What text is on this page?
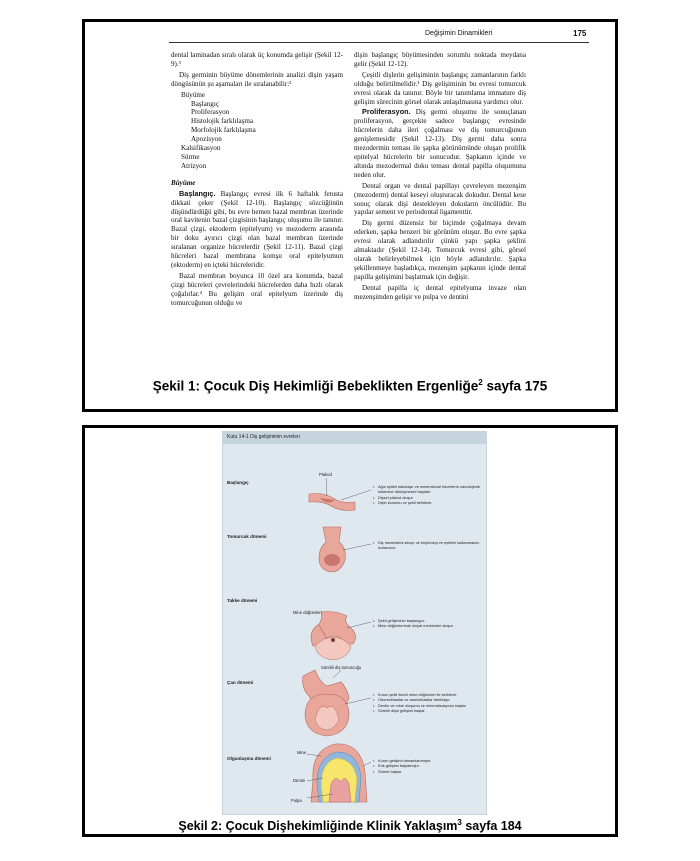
Değişimin Dinamikleri	175

dental laminadan sıralı olarak üç konumda gelişir (Şekil 12-9).³

Diş germinin büyüme dönemlerinin analizi dişin yaşam döngüsünün şu aşamaları ile sıralanabilir:³

Büyüme
Başlangıç
Proliferasyon
Histolojik farklılaşma
Morfolojik farklılaşma
Apozisyon
Kalsifikasyon
Sürme
Atrizyon
Büyüme

Başlangıç. Başlangıç evresi ilk 6 haftalık fetusta dikkati çeker (Şekil 12-10). Başlangıç sözcüğünün düşündürdüğü gibi, bu evre hemen bazal membran üzerinde oral kavitenin bazal çizgisinin başlangıç oluşumu ile tanınır. Bazal çizgi, ektoderm (epitelyum) ve mezoderm arasında bir doku ayırıcı çizgi olan bazal membran üzerinde sıralanan organize hücrelerdir (Şekil 12-11). Bazal çizgi hücreleri bazal membrana komşu oral epitelyumun (ektoderm) en içteki hücreleridir.

Bazal membran boyunca 10 özel ara konumda, bazal çizgi hücreleri çevrelerindeki hücrelerden daha hızlı olarak çoğalırlar.⁴ Bu gelişim oral epitelyum üzerinde diş tomurcuğunun olduğu ve

dişin başlangıç büyümesinden sorumlu noktada meydana gelir (Şekil 12-12).

Çeşitli dişlerin gelişiminin başlangıç zamanlarının farklı olduğu belirtilmelidir.¹ Diş gelişiminin bu evresi tomurcuk evresi olarak da tanınır. Böyle bir tanımlama immature diş gelişim sürecinin görsel olarak anlaşılmasına yardımcı olur.

Proliferasyon. Diş germi oluşumu ile sonuçlanan proliferasyon, gerçekte sadece başlangıç evresinde hücrelerin daha ileri çoğalması ve diş tomurcuğunun genişlemesidir (Şekil 12-13). Diş germi daha sonra mezodermin teması ile şapka görünümünde oluşan prolifik epitelyal hücrelerin bir sonucudur. Şapkanın içinde ve altında mezodermal doku teması dental papilla oluşumuna neden olur.

Dental organ ve dental papillayı çevreleyen mezenşim (mezoderm) dental keseyi oluşturacak dokudur. Dental kese sonuç olarak dişi destekleyen dokuların öncülüdür. Bu yapılar sement ve periodontal ligamenttir.

Diş germi düzensiz bir biçimde çoğalmaya devam ederken, şapka benzeri bir görünüm oluşur. Bu evre şapka evresi olarak adlandırılır çünkü yapı şapka şeklini almaktadır (Şekil 12-14). Tomurcuk evresi gibi, görsel olarak belirleyebilmek için böyle adlandırılır. Şapka şekillenmeye başladıkça, mezenşim şapkanın içinde dental papilla gelişimini başlatmak için değişir.

Dental papilla iç dental epitelyuma invaze olan mezenşimden gelişir ve pulpa ve dentini

Şekil 1: Çocuk Diş Hekimliği Bebeklikten Ergenliğe$^2$ sayfa 175
Kutu 14-1 Diş gelişiminin evreleri
Başlangıç
Tomurcuk dönemi
Takke dönemi
Çan dönemi
Olgunlaşma dönemi
Plakod
Mine düğümleri
Sürekli diş tomurcuğu
Mine
Dentin
Pulpa
• Ağız epiteli kalınlaşır ve mezenkimal hücrelerin odontojenik kökenine dönüşmesini başlatır.
• Dişsel plakod oluşur.
• Dişin konumu ve şekli belirlenir.
• Diş mezenkimi sıkışır ve büyümeyi ve epitelin katlanmasını hızlandırır.
• Şekil gelişiminin başlangıcı.
• Mine düğümlerinde sinyal merkezleri oluşur.
• Kuron şekli ikincil mine düğümleri ile belirlenir.
• Odontoblastlar ve ameloblastlar farklılaşır.
• Dentin ve mine oluşumu ve mineralizasyonu başlar.
• Sürekli dişin gelişimi başlar.
• Kuron gelişimi tamamlanmıştır.
• Kök gelişimi başlamıştır.
• Sürme başlar.
Şekil 2: Çocuk Dişhekimliğinde Klinik Yaklaşım$^3$ sayfa 184
